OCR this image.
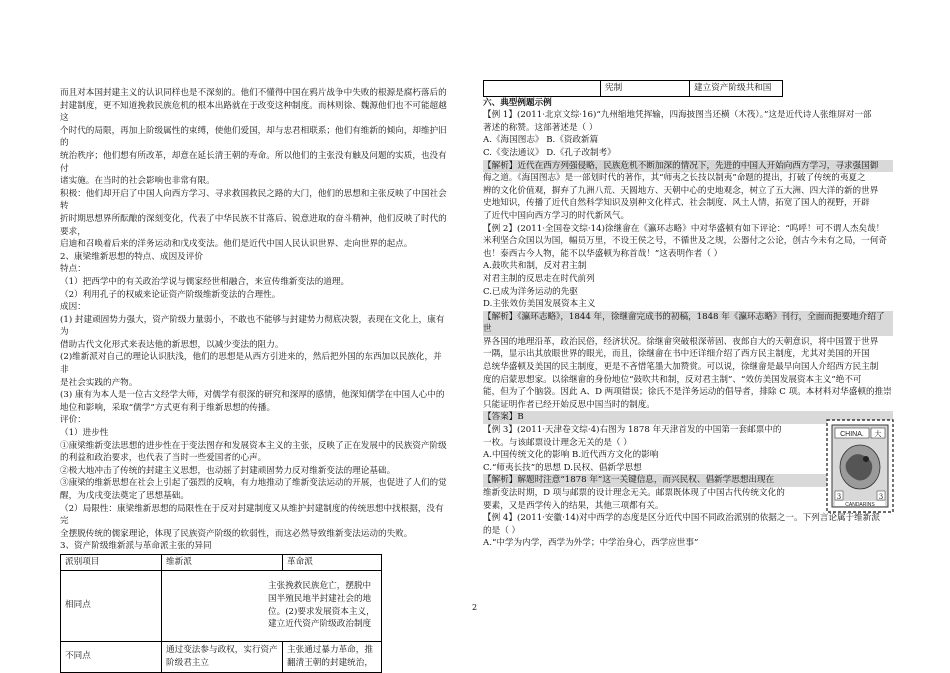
而且对本国封建主义的认识同样也是不深刻的。他们不懂得中国在鸦片战争中失败的根源是腐朽落后的

封建制度，更不知道挽救民族危机的根本出路就在于改变这种制度。而林则徐、魏源他们也不可能超越这

个时代的局限，再加上阶级属性的束缚，使他们爱国，却与忠君相联系；他们有维新的倾向，却维护旧的

统治秩序；他们想有所改革，却意在延长清王朝的寿命。所以他们的主张没有触及问题的实质，也没有付

诸实施。在当时的社会影响也非常有限。

积极：他们却开启了中国人向西方学习、寻求救国救民之路的大门，他们的思想和主张反映了中国社会转

折时期思想界所酝酿的深刻变化，代表了中华民族不甘落后、锐意进取的奋斗精神，他们反映了时代的要求，

启迪和召唤着后来的洋务运动和戊戌变法。他们是近代中国人民认识世界、走向世界的起点。

2、康梁维新思想的特点、成因及评价

特点：

（1）把西学中的有关政治学说与儒家经世相融合，来宣传维新变法的道理。

（2）利用孔子的权威来论证资产阶级维新变法的合理性。

成因：

(1) 封建顽固势力强大，资产阶级力量弱小，不敢也不能够与封建势力彻底决裂，表现在文化上，康有为

借助古代文化形式来表达他的新思想，以减少变法的阻力。

(2)维新派对自己的理论认识肤浅，他们的思想是从西方引进来的，然后把外国的东西加以民族化，并非

是社会实践的产物。

(3) 康有为本人是一位古文经学大师，对儒学有很深的研究和深厚的感情，他深知儒学在中国人心中的

地位和影响，采取“儒学”方式更有利于维新思想的传播。

评价：

（1）进步性

①康梁维新变法思想的进步性在于变法图存和发展资本主义的主张，反映了正在发展中的民族资产阶级

的利益和政治要求，也代表了当时一些爱国者的心声。

②极大地冲击了传统的封建主义思想，也动摇了封建顽固势力反对维新变法的理论基础。

③康梁的维新思想在社会上引起了强烈的反响，有力地推动了维新变法运动的开展，也促进了人们的觉

醒，为戊戌变法奠定了思想基础。

（2）局限性：康梁维新思想的局限性在于反对封建制度又从维护封建制度的传统思想中找根据，没有完

全摆脱传统的儒家理论，体现了民族资产阶级的软弱性，而这必然导致维新变法运动的失败。

3、资产阶级维新派与革命派主张的异同

派别项目	维新派	革命派
相同点	主张挽救民族危亡，摆脱中国半殖民地半封建社会的地位。(2)要求发展资本主义，建立近代资产阶级政治制度	
不同点	通过变法参与政权，实行资产阶级君主立	主张通过暴力革命，推翻清王朝的封建统治，
	宪制	建立资产阶级共和国

六、典型例题示例

【例 1】(2011·北京文综·16)“九州缩地凭挥输，四海披图当还横（木筏）。”这是近代诗人张维屏对一部

著述的称赞。这部著述是（ ）

A.《海国图志》 B.《资政新篇

C.《变法通议》 D.《孔子改制考》

【解析】近代在西方列强侵略，民族危机不断加深的情况下，先进的中国人开始向西方学习，寻求强国御

侮之道。《海国图志》是一部划时代的著作，其“师夷之长技以制夷”命题的提出，打破了传统的夷夏之

辨的文化价值观，摒弃了九洲八荒、天圆地方、天朝中心的史地观念，树立了五大洲、四大洋的新的世界

史地知识，传播了近代自然科学知识及别种文化样式、社会制度、风土人情，拓宽了国人的视野，开辟

了近代中国向西方学习的时代新风气。

【例 2】(2011·全国卷文综·14)徐继畲在《瀛环志略》中对华盛顿有如下评论：“呜呼！可不谓人杰矣哉！

米利坚合众国以为国，幅员万里，不设王侯之号，不循世及之规，公器付之公论，创古今未有之局，一何奇

也！泰西古今人物，能不以华盛顿为称首哉！”这表明作者（ ）

A.鼓吹共和制，反对君主制

对君主制的反思走在时代前列

C.已成为洋务运动的先驱

D.主张效仿美国发展资本主义

【解析】《瀛环志略》，1844 年，徐继畲完成书的初稿，1848 年《瀛环志略》刊行，全面而扼要地介绍了世

界各国的地理沿革，政治民俗，经济状况。徐继畲突破根深蒂固、夜郎自大的天朝意识，将中国置于世界

一隅，显示出其放眼世界的眼光，而且，徐继畲在书中还详细介绍了西方民主制度，尤其对美国的开国

总统华盛顿及美国的民主制度，更是不吝惜笔墨大加赞赏。可以说，徐继畲是最早向国人介绍西方民主制

度的启蒙思想家。以徐继畲的身份地位“鼓吹共和制，反对君主制”、“效仿美国发展资本主义”绝不可

能，但为了个脑袋。因此 A、D 两项错误；徐氏不是洋务运动的倡导者，排除 C 项。本材料对华盛顿的推崇

只能证明作者已经开始反思中国当时的制度。

【答案】B

【例 3】(2011·天津卷文综·4)右图为 1878 年天津首发的中国第一套邮票中的

一枚。与该邮票设计理念无关的是（ ）

A.中国传统文化的影响 B.近代西方文化的影响

C.“师夷长技”的思想 D.民权、倡新学思想

【解析】解题时注意“1878 年”这一关键信息，而兴民权、倡新学思想出现在

维新变法时期，D 项与邮票的设计理念无关。邮票既体现了中国古代传统文化的

要素，又是西学传入的结果，其他三项都有关。

【例 4】(2011·安徽·14)对中西学的态度是区分近代中国不同政治派别的依据之一。下列言论属于维新派

的是（ ）

A.“中学为内学，西学为外学；中学治身心，西学应世事”

CHINA. 大
3	3
CANDARINS
2
